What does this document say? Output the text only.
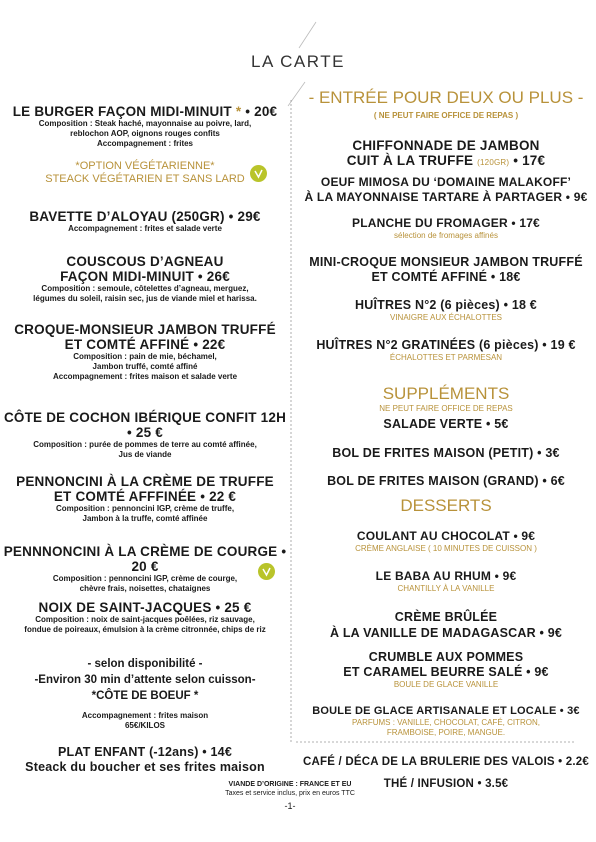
LA CARTE
LE BURGER FAÇON MIDI-MINUIT * • 20€
Composition : Steak haché, mayonnaise au poivre, lard,
reblochon AOP, oignons rouges confits
Accompagnement : frites
*OPTION VÉGÉTARIENNE*
STEACK VÉGÉTARIEN ET SANS LARD
BAVETTE D’ALOYAU (250GR) • 29€
Accompagnement : frites et salade verte
COUSCOUS D’AGNEAU
FAÇON MIDI-MINUIT • 26€
Composition : semoule, côtelettes d’agneau, merguez,
légumes du soleil, raisin sec, jus de viande miel et harissa.
CROQUE-MONSIEUR JAMBON TRUFFÉ
ET COMTÉ AFFINÉ • 22€
Composition : pain de mie, béchamel,
Jambon truffé, comté affiné
Accompagnement : frites maison et salade verte
CÔTE DE COCHON IBÉRIQUE CONFIT 12H • 25 €
Composition : purée de pommes de terre au comté affinée,
Jus de viande
PENNONCINI À LA CRÈME DE TRUFFE
ET COMTÉ AFFFINÉE • 22 €
Composition : pennoncini IGP, crème de truffe,
Jambon à la truffe, comté affinée
PENNNONCINI À LA CRÈME DE COURGE • 20 €
Composition : pennoncini IGP, crème de courge,
chèvre frais, noisettes, chataignes
NOIX DE SAINT-JACQUES • 25 €
Composition : noix de saint-jacques poêlées, riz sauvage,
fondue de poireaux, émulsion à la crème citronnée, chips de riz
- selon disponibilité -
-Environ 30 min d’attente selon cuisson-
*CÔTE DE BOEUF *
Accompagnement : frites maison
65€/KILOS
PLAT ENFANT (-12ans) • 14€
Steack du boucher et ses frites maison
- ENTRÉE POUR DEUX OU PLUS -
( NE PEUT FAIRE OFFICE DE REPAS )
CHIFFONNADE DE JAMBON
CUIT À LA TRUFFE (120GR) • 17€
OEUF MIMOSA DU ‘DOMAINE MALAKOFF’
À LA MAYONNAISE TARTARE À PARTAGER • 9€
PLANCHE DU FROMAGER • 17€
sélection de fromages affinés
MINI-CROQUE MONSIEUR JAMBON TRUFFÉ
ET COMTÉ AFFINÉ • 18€
HUÎTRES N°2 (6 pièces) • 18 €
VINAIGRE AUX ÉCHALOTTES
HUÎTRES N°2 GRATINÉES (6 pièces) • 19 €
ÉCHALOTTES ET PARMESAN
SUPPLÉMENTS
NE PEUT FAIRE OFFICE DE REPAS
SALADE VERTE • 5€
BOL DE FRITES MAISON (PETIT) • 3€
BOL DE FRITES MAISON (GRAND) • 6€
DESSERTS
COULANT AU CHOCOLAT • 9€
CRÈME ANGLAISE ( 10 MINUTES DE CUISSON )
LE BABA AU RHUM • 9€
CHANTILLY À LA VANILLE
CRÈME BRÛLÉE
À LA VANILLE DE MADAGASCAR • 9€
CRUMBLE AUX POMMES
ET CARAMEL BEURRE SALÉ • 9€
BOULE DE GLACE VANILLE
BOULE DE GLACE ARTISANALE ET LOCALE • 3€
PARFUMS : VANILLE, CHOCOLAT, CAFÉ, CITRON,
FRAMBOISE, POIRE, MANGUE.
CAFÉ / DÉCA DE LA BRULERIE DES VALOIS • 2.2€
THÉ / INFUSION • 3.5€
VIANDE D’ORIGINE : FRANCE ET EU
Taxes et service inclus, prix en euros TTC
-1-
